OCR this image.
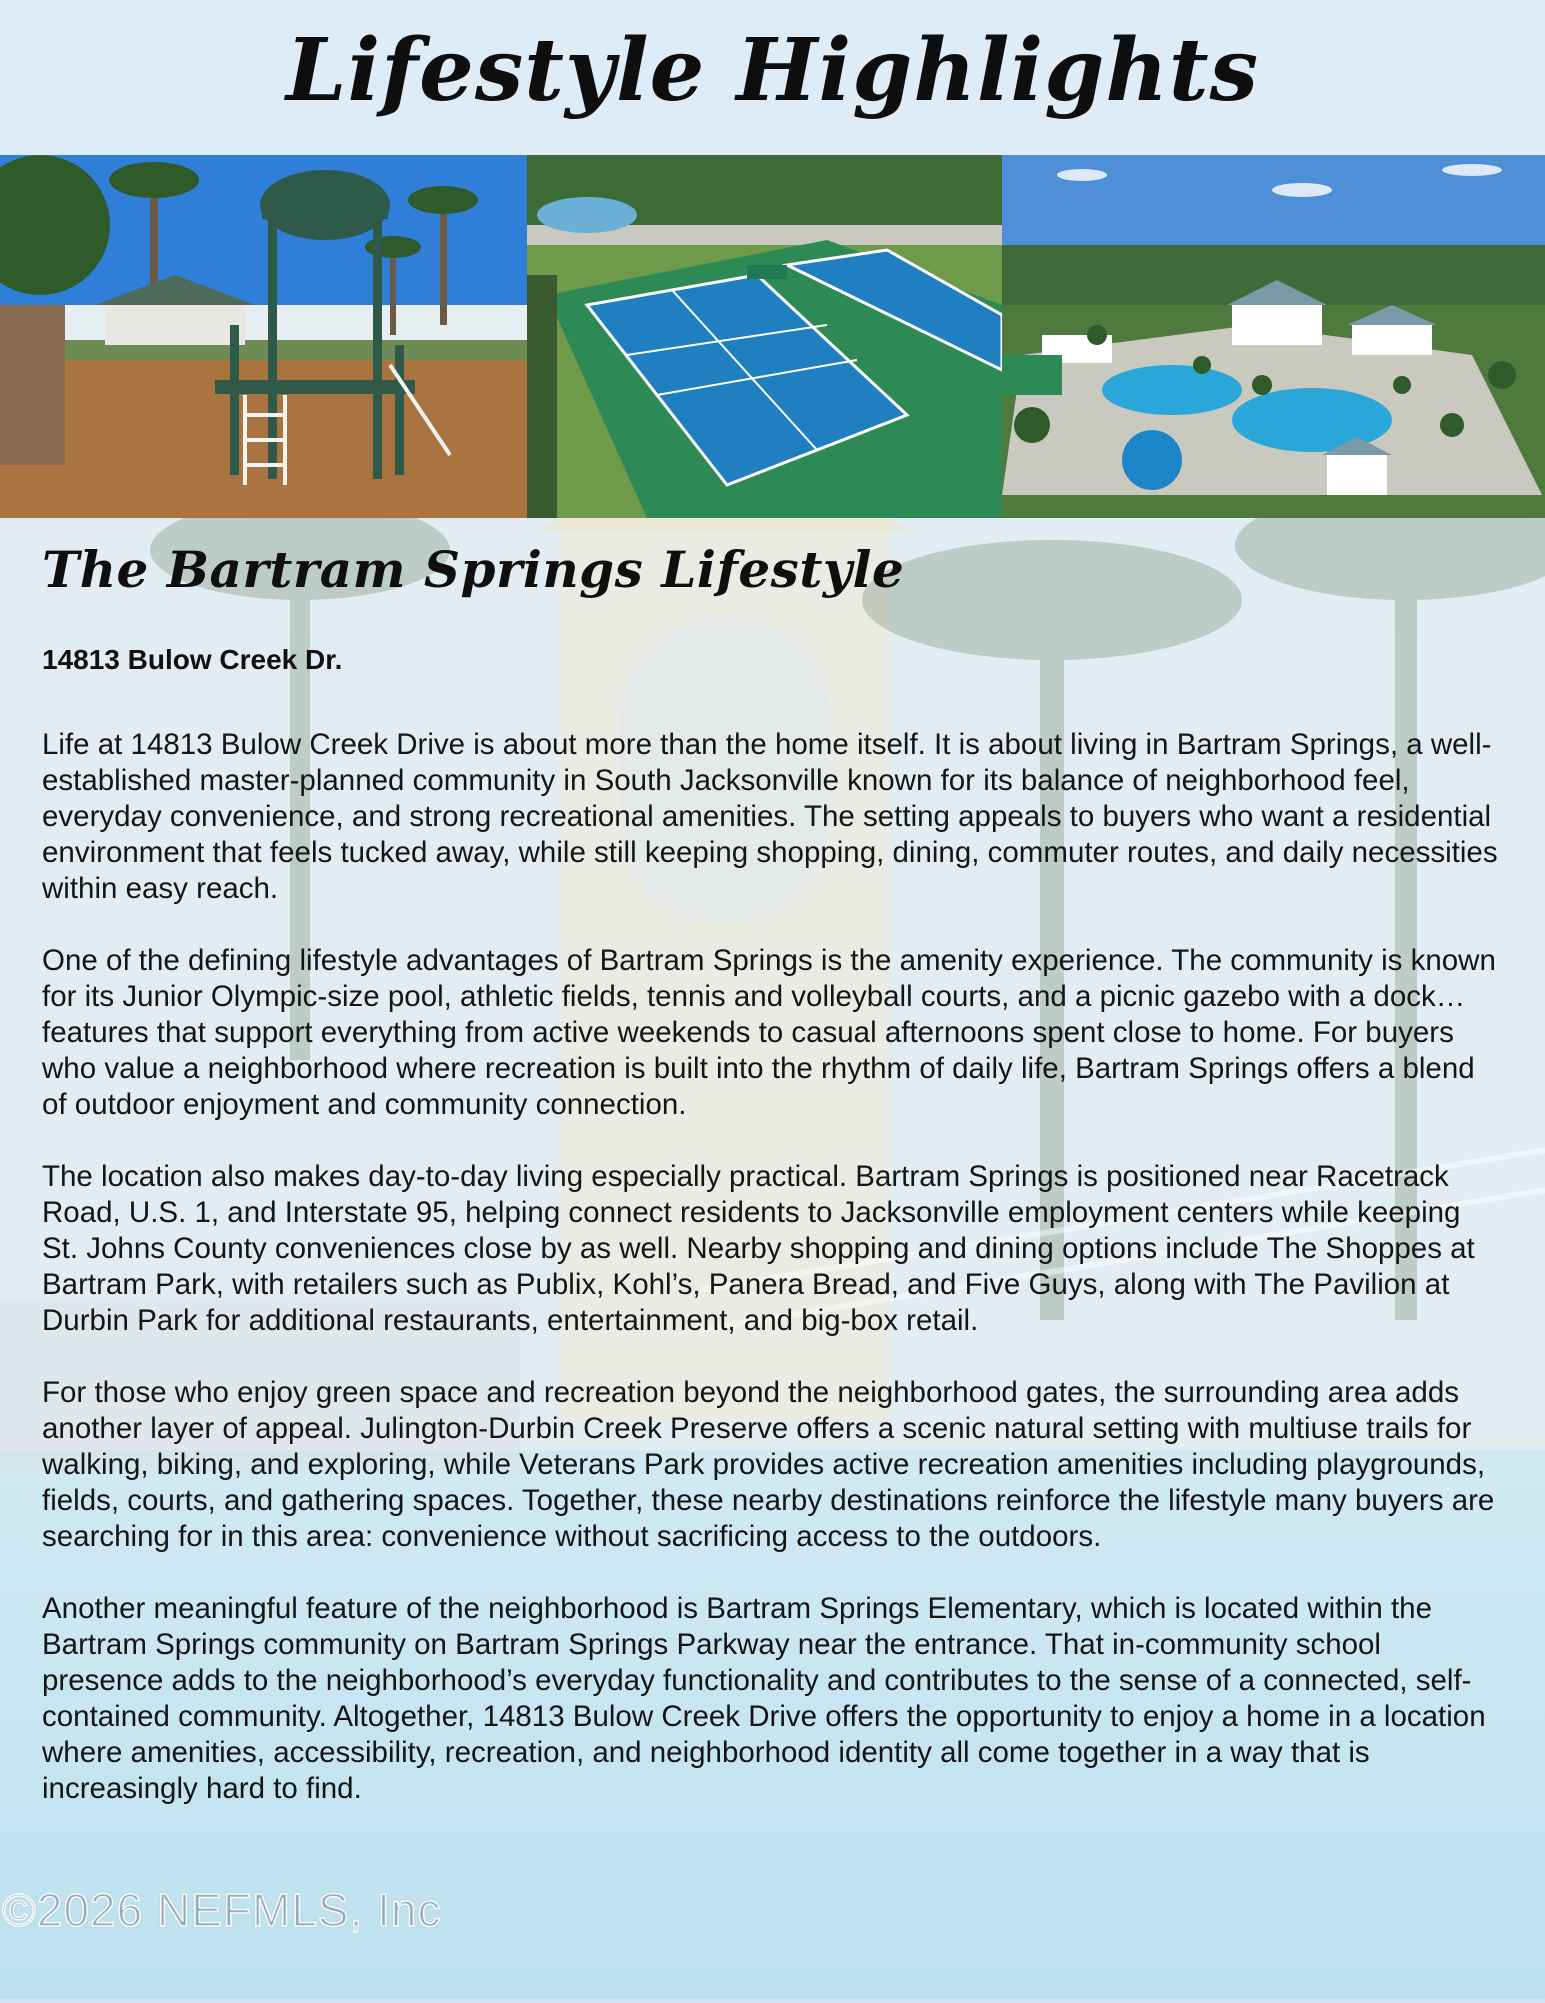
Lifestyle Highlights
The Bartram Springs Lifestyle
14813 Bulow Creek Dr.

Life at 14813 Bulow Creek Drive is about more than the home itself. It is about living in Bartram Springs, a well-established master-planned community in South Jacksonville known for its balance of neighborhood feel, everyday convenience, and strong recreational amenities. The setting appeals to buyers who want a residential environment that feels tucked away, while still keeping shopping, dining, commuter routes, and daily necessities within easy reach.

One of the defining lifestyle advantages of Bartram Springs is the amenity experience. The community is known for its Junior Olympic-size pool, athletic fields, tennis and volleyball courts, and a picnic gazebo with a dock… features that support everything from active weekends to casual afternoons spent close to home. For buyers who value a neighborhood where recreation is built into the rhythm of daily life, Bartram Springs offers a blend of outdoor enjoyment and community connection.

The location also makes day-to-day living especially practical. Bartram Springs is positioned near Racetrack Road, U.S. 1, and Interstate 95, helping connect residents to Jacksonville employment centers while keeping St. Johns County conveniences close by as well. Nearby shopping and dining options include The Shoppes at Bartram Park, with retailers such as Publix, Kohl’s, Panera Bread, and Five Guys, along with The Pavilion at Durbin Park for additional restaurants, entertainment, and big-box retail.

For those who enjoy green space and recreation beyond the neighborhood gates, the surrounding area adds another layer of appeal. Julington-Durbin Creek Preserve offers a scenic natural setting with multiuse trails for walking, biking, and exploring, while Veterans Park provides active recreation amenities including playgrounds, fields, courts, and gathering spaces. Together, these nearby destinations reinforce the lifestyle many buyers are searching for in this area: convenience without sacrificing access to the outdoors.

Another meaningful feature of the neighborhood is Bartram Springs Elementary, which is located within the Bartram Springs community on Bartram Springs Parkway near the entrance. That in-community school presence adds to the neighborhood’s everyday functionality and contributes to the sense of a connected, self-contained community. Altogether, 14813 Bulow Creek Drive offers the opportunity to enjoy a home in a location where amenities, accessibility, recreation, and neighborhood identity all come together in a way that is increasingly hard to find.

©2026 NEFMLS, Inc
